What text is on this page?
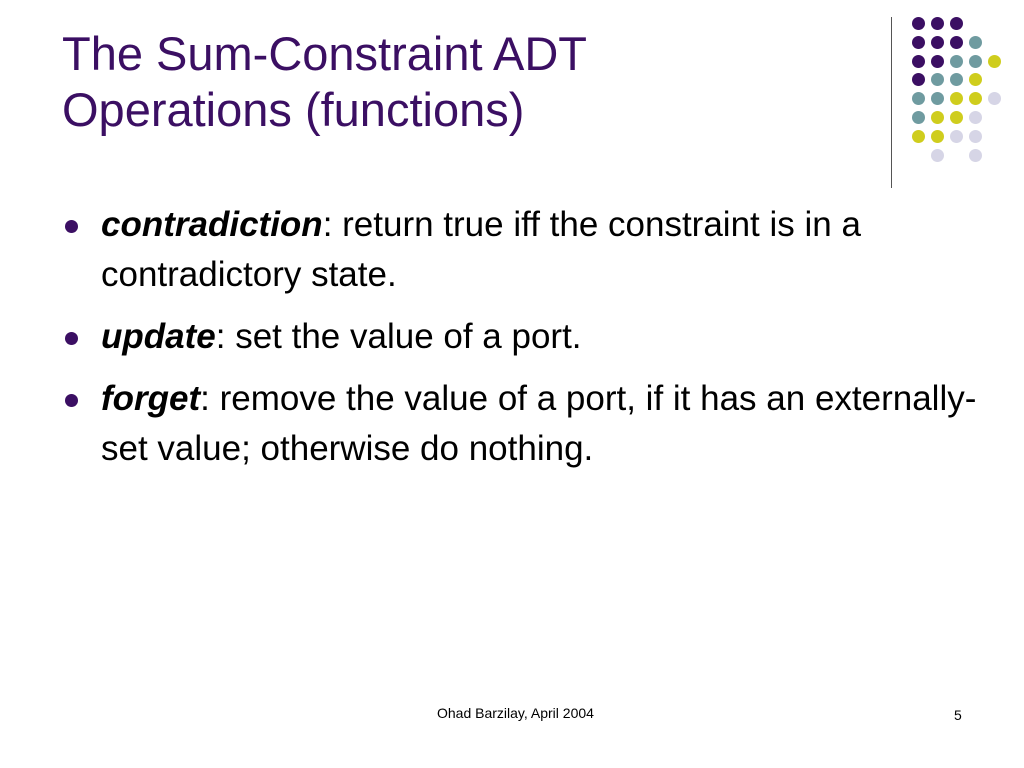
The Sum-Constraint ADT
Operations (functions)
contradiction: return true iff the constraint is in a contradictory state.
update: set the value of a port.
forget: remove the value of a port, if it has an externally-set value; otherwise do nothing.
Ohad Barzilay, April 2004	5
